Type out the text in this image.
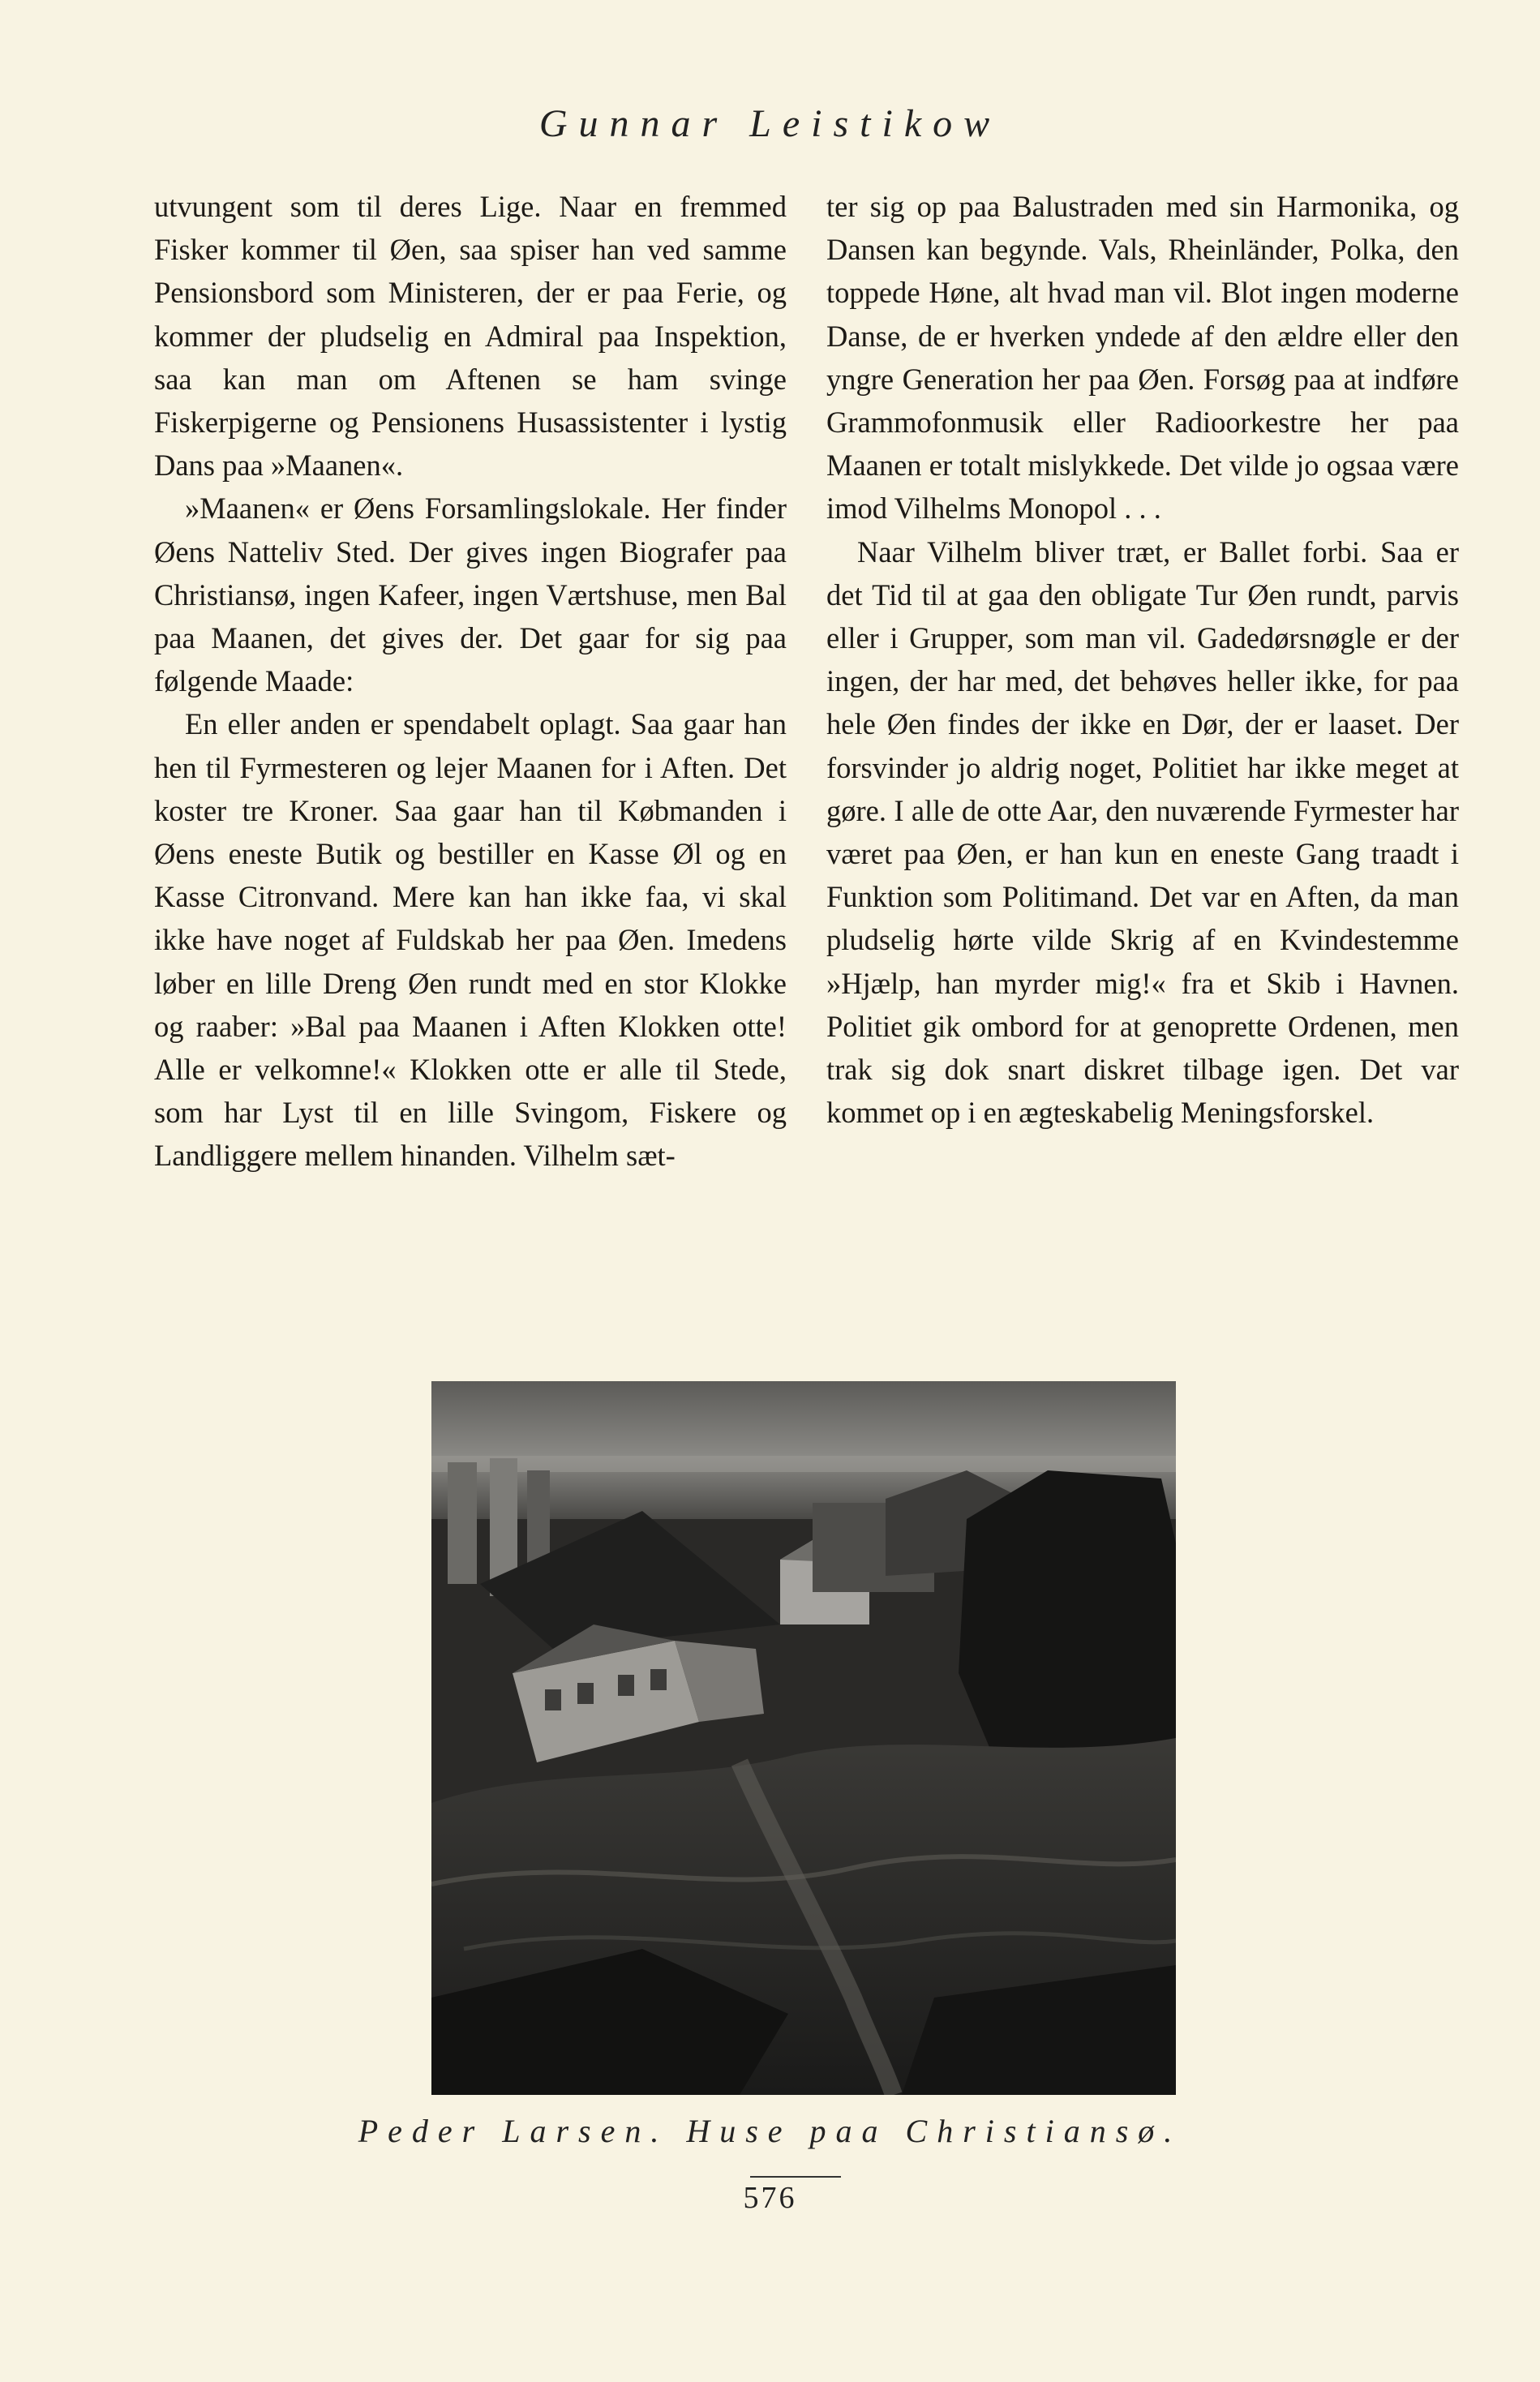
Gunnar Leistikow

utvungent som til deres Lige. Naar en fremmed Fisker kommer til Øen, saa spiser han ved samme Pensionsbord som Ministeren, der er paa Ferie, og kommer der pludselig en Admiral paa Inspektion, saa kan man om Aftenen se ham svinge Fiskerpigerne og Pensionens Husassistenter i lystig Dans paa »Maanen«.

»Maanen« er Øens Forsamlingslokale. Her finder Øens Natteliv Sted. Der gives ingen Biografer paa Christiansø, ingen Kafeer, ingen Værtshuse, men Bal paa Maanen, det gives der. Det gaar for sig paa følgende Maade:

En eller anden er spendabelt oplagt. Saa gaar han hen til Fyrmesteren og lejer Maanen for i Aften. Det koster tre Kroner. Saa gaar han til Købmanden i Øens eneste Butik og bestiller en Kasse Øl og en Kasse Citronvand. Mere kan han ikke faa, vi skal ikke have noget af Fuldskab her paa Øen. Imedens løber en lille Dreng Øen rundt med en stor Klokke og raaber: »Bal paa Maanen i Aften Klokken otte! Alle er velkomne!« Klokken otte er alle til Stede, som har Lyst til en lille Svingom, Fiskere og Landliggere mellem hinanden. Vilhelm sæt-

ter sig op paa Balustraden med sin Harmonika, og Dansen kan begynde. Vals, Rheinländer, Polka, den toppede Høne, alt hvad man vil. Blot ingen moderne Danse, de er hverken yndede af den ældre eller den yngre Generation her paa Øen. Forsøg paa at indføre Grammofonmusik eller Radioorkestre her paa Maanen er totalt mislykkede. Det vilde jo ogsaa være imod Vilhelms Monopol . . .

Naar Vilhelm bliver træt, er Ballet forbi. Saa er det Tid til at gaa den obligate Tur Øen rundt, parvis eller i Grupper, som man vil. Gadedørsnøgle er der ingen, der har med, det behøves heller ikke, for paa hele Øen findes der ikke en Dør, der er laaset. Der forsvinder jo aldrig noget, Politiet har ikke meget at gøre. I alle de otte Aar, den nuværende Fyrmester har været paa Øen, er han kun en eneste Gang traadt i Funktion som Politimand. Det var en Aften, da man pludselig hørte vilde Skrig af en Kvindestemme »Hjælp, han myrder mig!« fra et Skib i Havnen. Politiet gik ombord for at genoprette Ordenen, men trak sig dok snart diskret tilbage igen. Det var kommet op i en ægteskabelig Meningsforskel.

Peder Larsen. Huse paa Christiansø.
576
